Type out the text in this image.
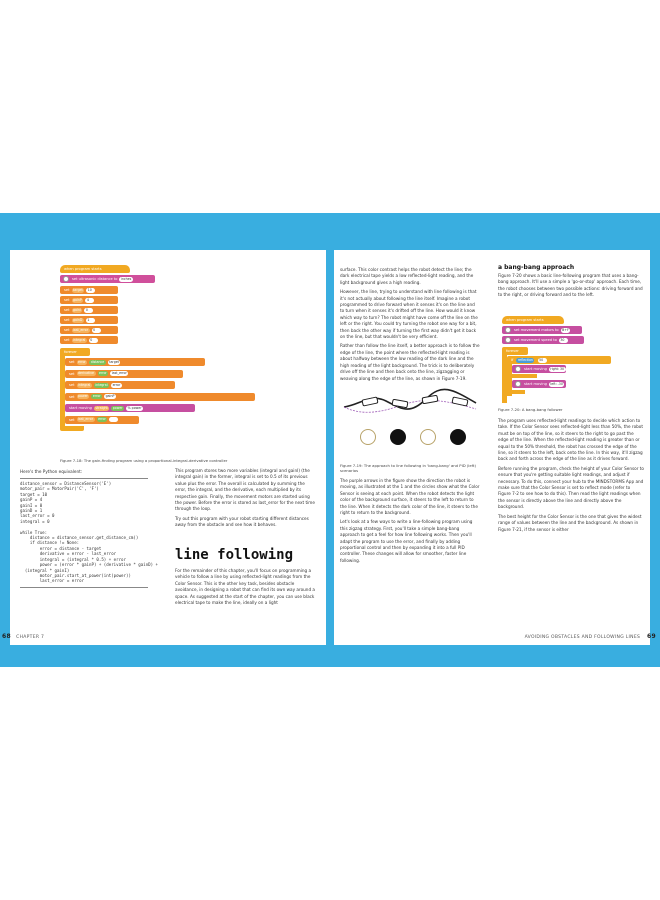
when program starts
set ultrasonic distance to inches
set target 10
set gainP 4
set gainI 0
set gainD 1
set last_error 0
set integral 0
forever
set error distance target
set derivative error last_error
set integral integral error
set power error gainP
start moving straight power % power
set last_error error
Figure 7-18: The gain-finding program using a proportional-integral-derivative controller
Here's the Python equivalent:
distance_sensor = DistanceSensor('E')
motor_pair = MotorPair('C', 'F')
target = 10
gainP = 4
gainI = 0
gainD = 1
last_error = 0
integral = 0

while True:
distance = distance_sensor.get_distance_cm()
if distance != None:
error = distance - target
derivative = error - last_error
integral = (integral * 0.5) + error
power = (error * gainP) + (derivative * gainD) +
(integral * gainI)
motor_pair.start_at_power(int(power))
last_error = error

This program stores two more variables (integral and gainI) (the integral gain) in the former, integral is set to 0.5 of its previous value plus the error. The overall is calculated by summing the error, the integral, and the derivative, each multiplied by its respective gain. Finally, the movement motors are started using the power. Before the error is stored as last_error for the next time through the loop.

Try out this program with your robot starting different distances away from the obstacle and see how it behaves.

line following

For the remainder of this chapter, you'll focus on programming a vehicle to follow a line by using reflected-light readings from the Color Sensor. This is the other key task, besides obstacle avoidance, in designing a robot that can find its own way around a space. As suggested at the start of the chapter, you can use black electrical tape to make the line, ideally on a light

68 CHAPTER 7

surface. This color contrast helps the robot detect the line; the dark electrical tape yields a low reflected-light reading, and the light background gives a high reading.

However, the line, trying to understand with line following is that it's not actually about following the line itself. Imagine a robot programmed to drive forward when it senses it's on the line and to turn when it senses it's drifted off the line. How would it know which way to turn? The robot might have come off the line on the left or the right. You could try turning the robot one way for a bit, then back the other way if turning the first way didn't get it back on the line, but that wouldn't be very efficient.

Rather than follow the line itself, a better approach is to follow the edge of the line, the point where the reflected-light reading is about halfway between the low reading of the dark line and the high reading of the light background. The trick is to deliberately drive off the line and then back onto the line, zigzagging or weaving along the edge of the line, as shown in Figure 7-19.

Figure 7-19: The approach to line following in 'bang-bang' and PID (left) scenarios

The purple arrows in the figure show the direction the robot is moving, as illustrated at the 1 and the circles show what the Color Sensor is seeing at each point. When the robot detects the light color of the background surface, it steers to the left to return to the line. When it detects the dark color of the line, it steers to the right to return to the background.

Let's look at a few ways to write a line-following program using this zigzag strategy. First, you'll take a simple bang-bang approach to get a feel for how line following works. Then you'll adapt the program to use the error, and finally by adding proportional control and then by expanding it into a full PID controller. These changes will allow for smoother, faster line following.

a bang-bang approach

Figure 7-20 shows a basic line-following program that uses a bang-bang approach. It'll use a simple a 'go-or-stop' approach. Each time, the robot chooses between two possible actions: driving forward and to the right, or driving forward and to the left.

when program starts
set movement motors to B+F
set movement speed to 30
forever
if reflection 50
start moving right: 30
start moving left: -30
Figure 7-20: A bang-bang follower

The program uses reflected-light readings to decide which action to take. If the Color Sensor sees reflected-light less than 50%, the robot must be on top of the line, so it steers to the right to go past the edge of the line. When the reflected-light reading is greater than or equal to the 50% threshold, the robot has crossed the edge of the line, so it steers to the left, back onto the line. In this way, it'll zigzag back and forth across the edge of the line as it drives forward.

Before running the program, check the height of your Color Sensor to ensure that you're getting suitable light readings, and adjust if necessary. To do this, connect your hub to the MINDSTORMS App and make sure that the Color Sensor is set to reflect mode (refer to Figure 7-2 to see how to do this). Then read the light readings when the sensor is directly above the line and directly above the background.

The best height for the Color Sensor is the one that gives the widest range of values between the line and the background. As shown in Figure 7-21, if the sensor is either

AVOIDING OBSTACLES AND FOLLOWING LINES 69
